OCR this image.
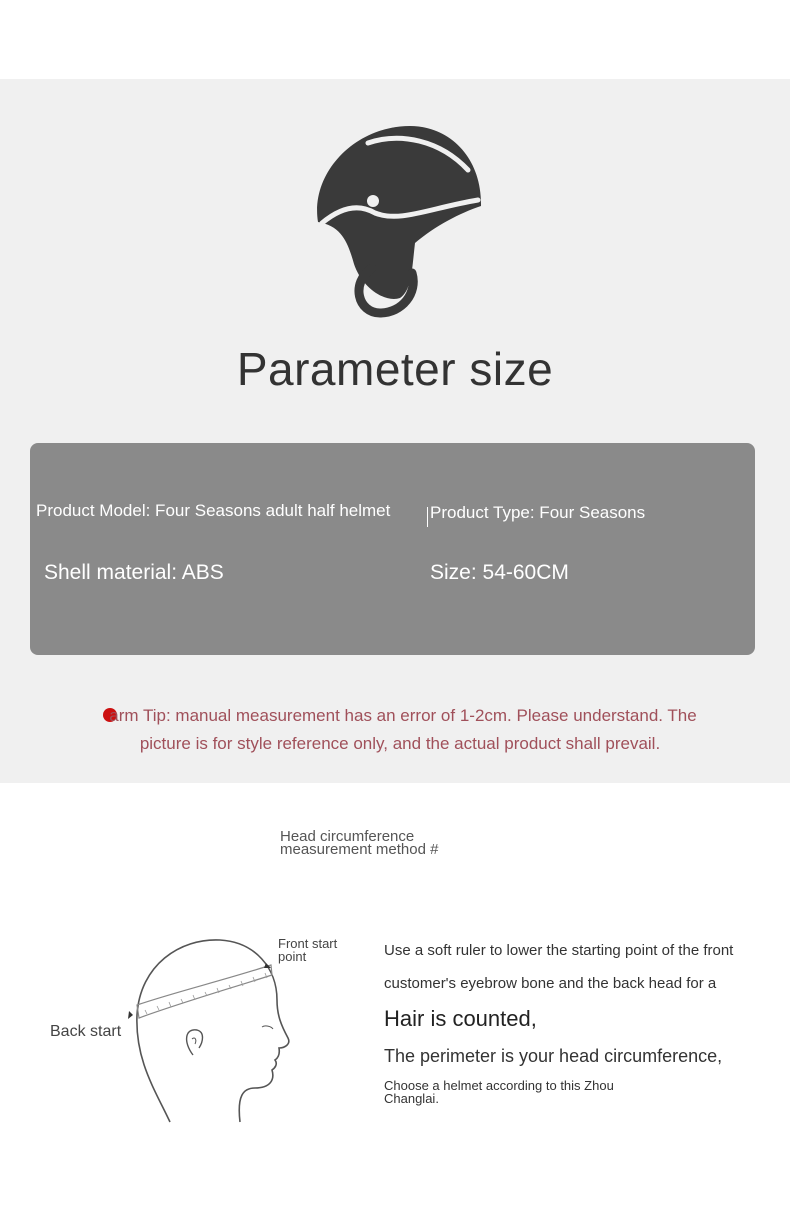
Parameter size
Product Model: Four Seasons adult half helmet Product Type: Four Seasons
Shell material: ABS	Size: 54-60CM
arm Tip: manual measurement has an error of 1-2cm. Please understand. The
picture is for style reference only, and the actual product shall prevail.
Head circumference
measurement method #
Front start
point
Back start
Use a soft ruler to lower the starting point of the front
customer's eyebrow bone and the back head for a
Hair is counted,
The perimeter is your head circumference,
Choose a helmet according to this Zhou
Changlai.
